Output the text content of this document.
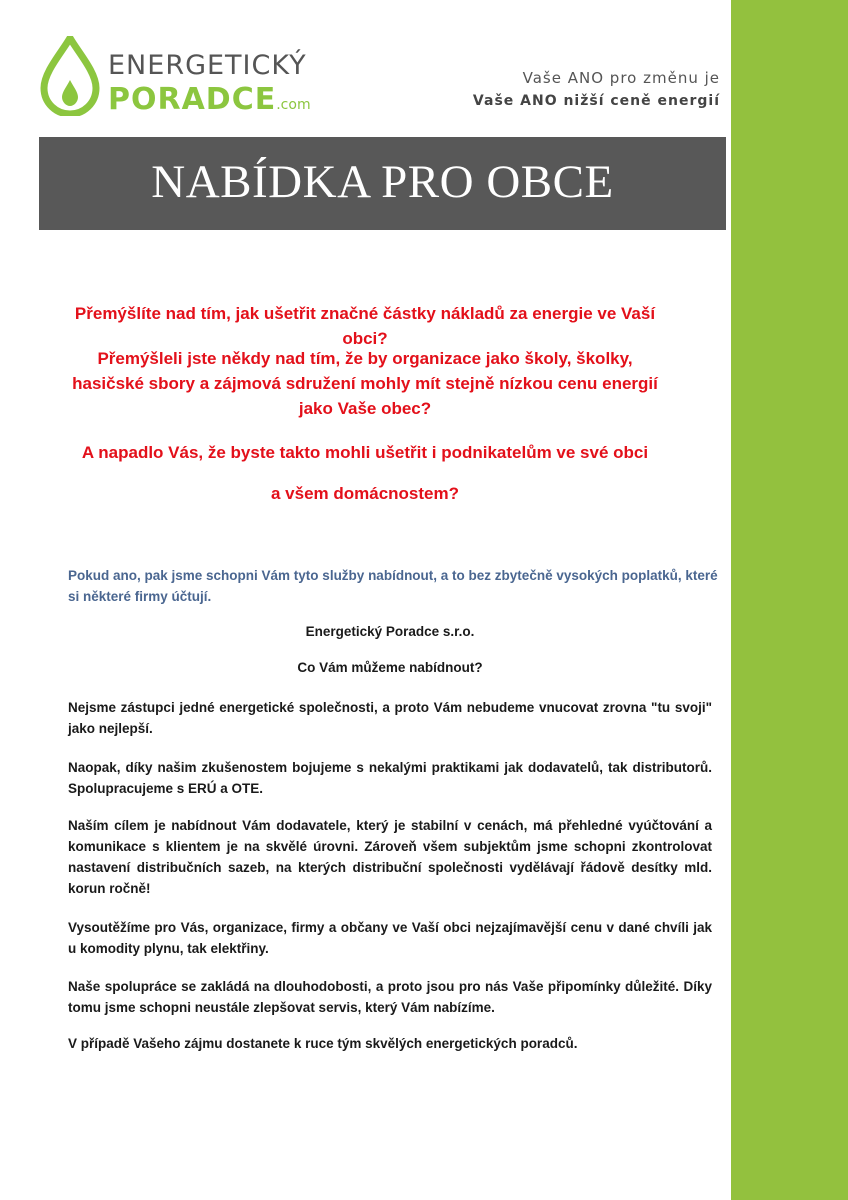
ENERGETICKÝ
PORADCE.com
Vaše ANO pro změnu je
Vaše ANO nižší ceně energií
NABÍDKA PRO OBCE
Přemýšlíte nad tím, jak ušetřit značné částky nákladů za energie ve Vaší obci?
Přemýšleli jste někdy nad tím, že by organizace jako školy, školky, hasičské sbory a zájmová sdružení mohly mít stejně nízkou cenu energií jako Vaše obec?
A napadlo Vás, že byste takto mohli ušetřit i podnikatelům ve své obci
a všem domácnostem?
Pokud ano, pak jsme schopni Vám tyto služby nabídnout, a to bez zbytečně vysokých poplatků, které si některé firmy účtují.
Energetický Poradce s.r.o.
Co Vám můžeme nabídnout?
Nejsme zástupci jedné energetické společnosti, a proto Vám nebudeme vnucovat zrovna "tu svoji" jako nejlepší.
Naopak, díky našim zkušenostem bojujeme s nekalými praktikami jak dodavatelů, tak distributorů. Spolupracujeme s ERÚ a OTE.
Naším cílem je nabídnout Vám dodavatele, který je stabilní v cenách, má přehledné vyúčtování a komunikace s klientem je na skvělé úrovni. Zároveň všem subjektům jsme schopni zkontrolovat nastavení distribučních sazeb, na kterých distribuční společnosti vydělávají řádově desítky mld. korun ročně!
Vysoutěžíme pro Vás, organizace, firmy a občany ve Vaší obci nejzajímavější cenu v dané chvíli jak u komodity plynu, tak elektřiny.
Naše spolupráce se zakládá na dlouhodobosti, a proto jsou pro nás Vaše připomínky důležité. Díky tomu jsme schopni neustále zlepšovat servis, který Vám nabízíme.
V případě Vašeho zájmu dostanete k ruce tým skvělých energetických poradců.
